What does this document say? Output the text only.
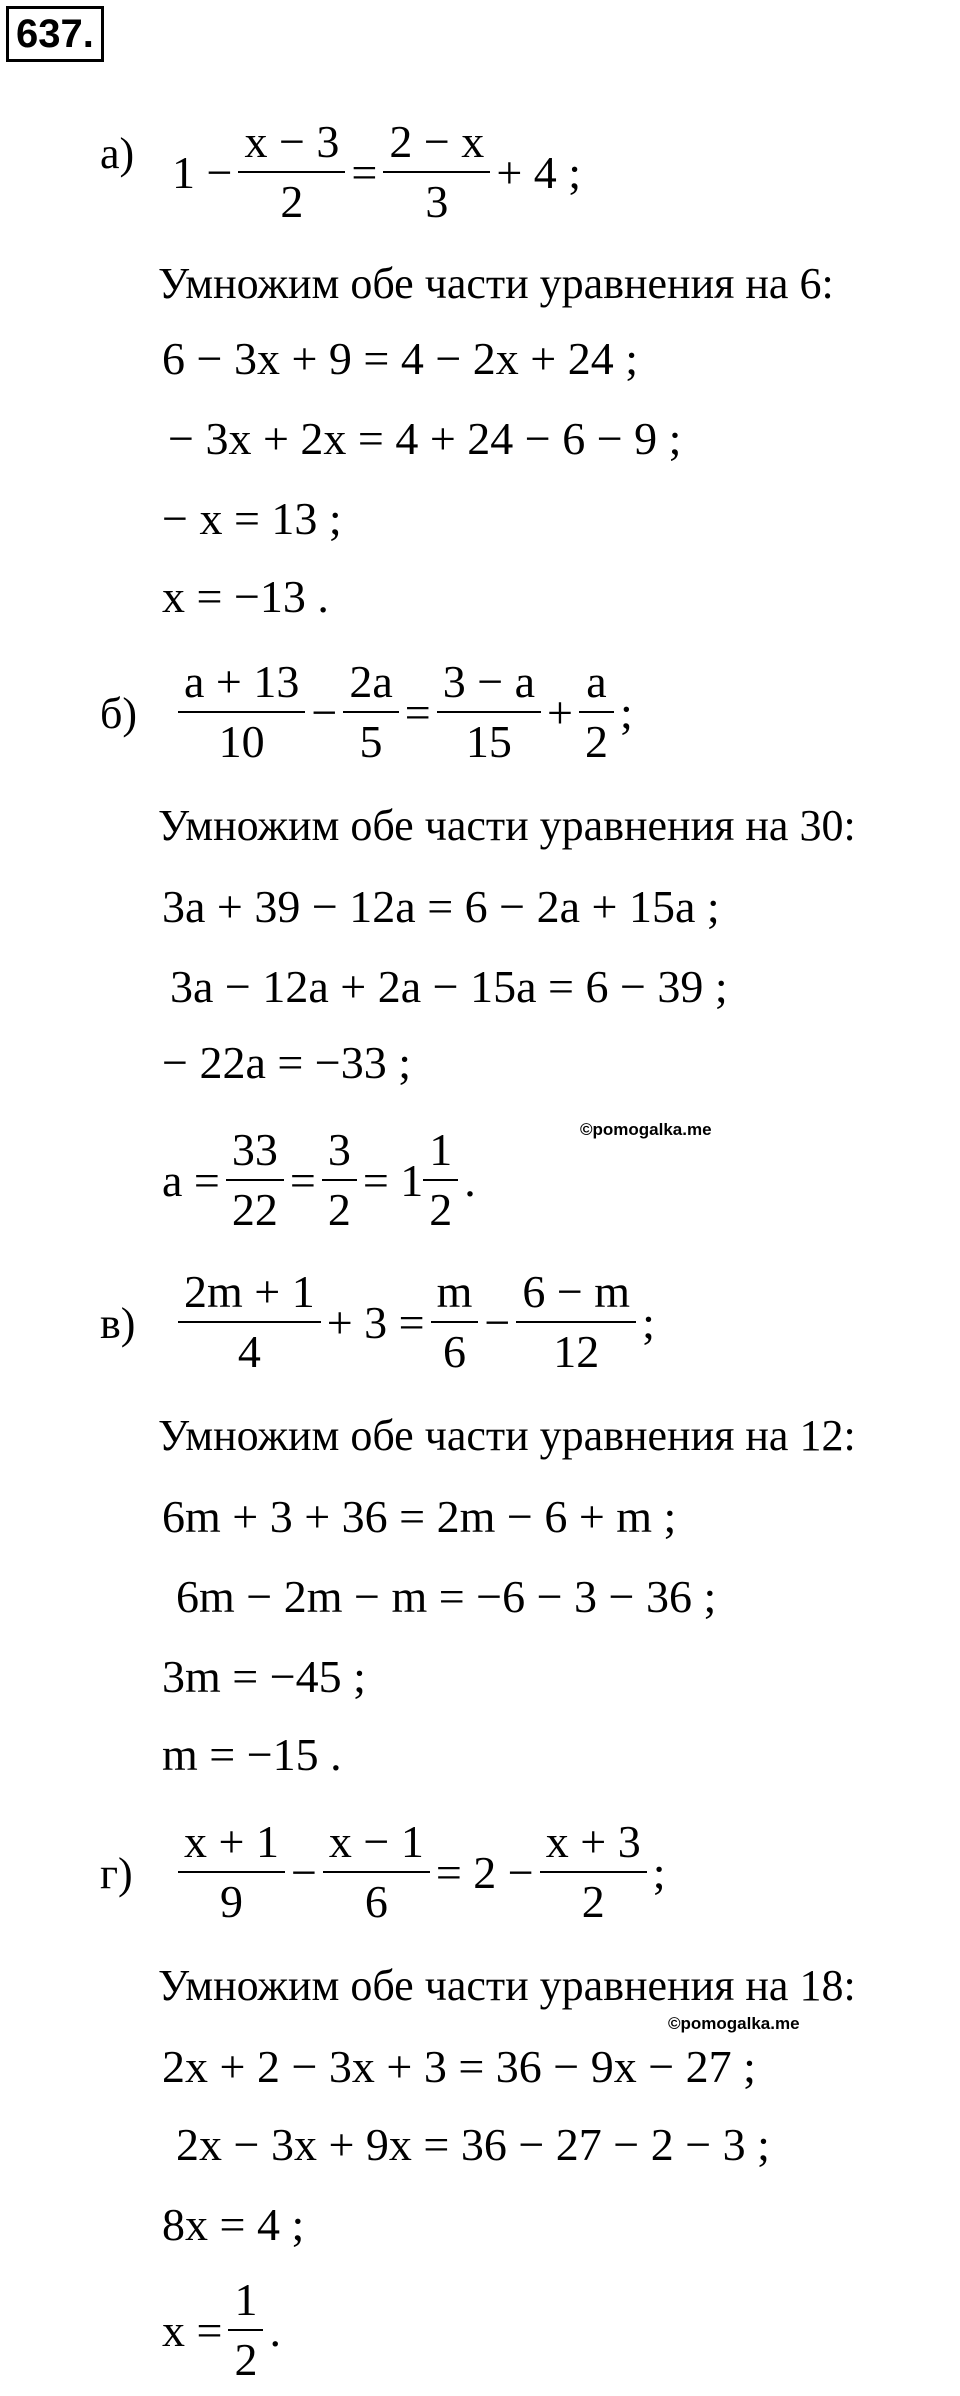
637.
а) $1 - \frac{x - 3}{2} = \frac{2 - x}{3} + 4$ ;
Умножим обе части уравнения на 6:
6 − 3x + 9 = 4 − 2x + 24 ;
− 3x + 2x = 4 + 24 − 6 − 9 ;
− x = 13 ;
x = −13 .
$б) \frac{a + 13}{10} - \frac{2a}{5} = \frac{3 - a}{15} + \frac{a}{2}$ ;
Умножим обе части уравнения на 30:
3a + 39 − 12a = 6 − 2a + 15a ;
3a − 12a + 2a − 15a = 6 − 39 ;
− 22a = −33 ;
©pomogalka.me
$a = \frac{33}{22} = \frac{3}{2} = 1 \frac{1}{2}$ .
$в) \frac{2m + 1}{4} + 3 = \frac{m}{6} - \frac{6 - m}{12}$ ;
Умножим обе части уравнения на 12:
6m + 3 + 36 = 2m − 6 + m ;
6m − 2m − m = −6 − 3 − 36 ;
3m = −45 ;
m = −15 .
$г) \frac{x + 1}{9} - \frac{x - 1}{6} = 2 - \frac{x + 3}{2}$ ;
Умножим обе части уравнения на 18:
©pomogalka.me
2x + 2 − 3x + 3 = 36 − 9x − 27 ;
2x − 3x + 9x = 36 − 27 − 2 − 3 ;
8x = 4 ;
$x = \frac{1}{2}$ .
